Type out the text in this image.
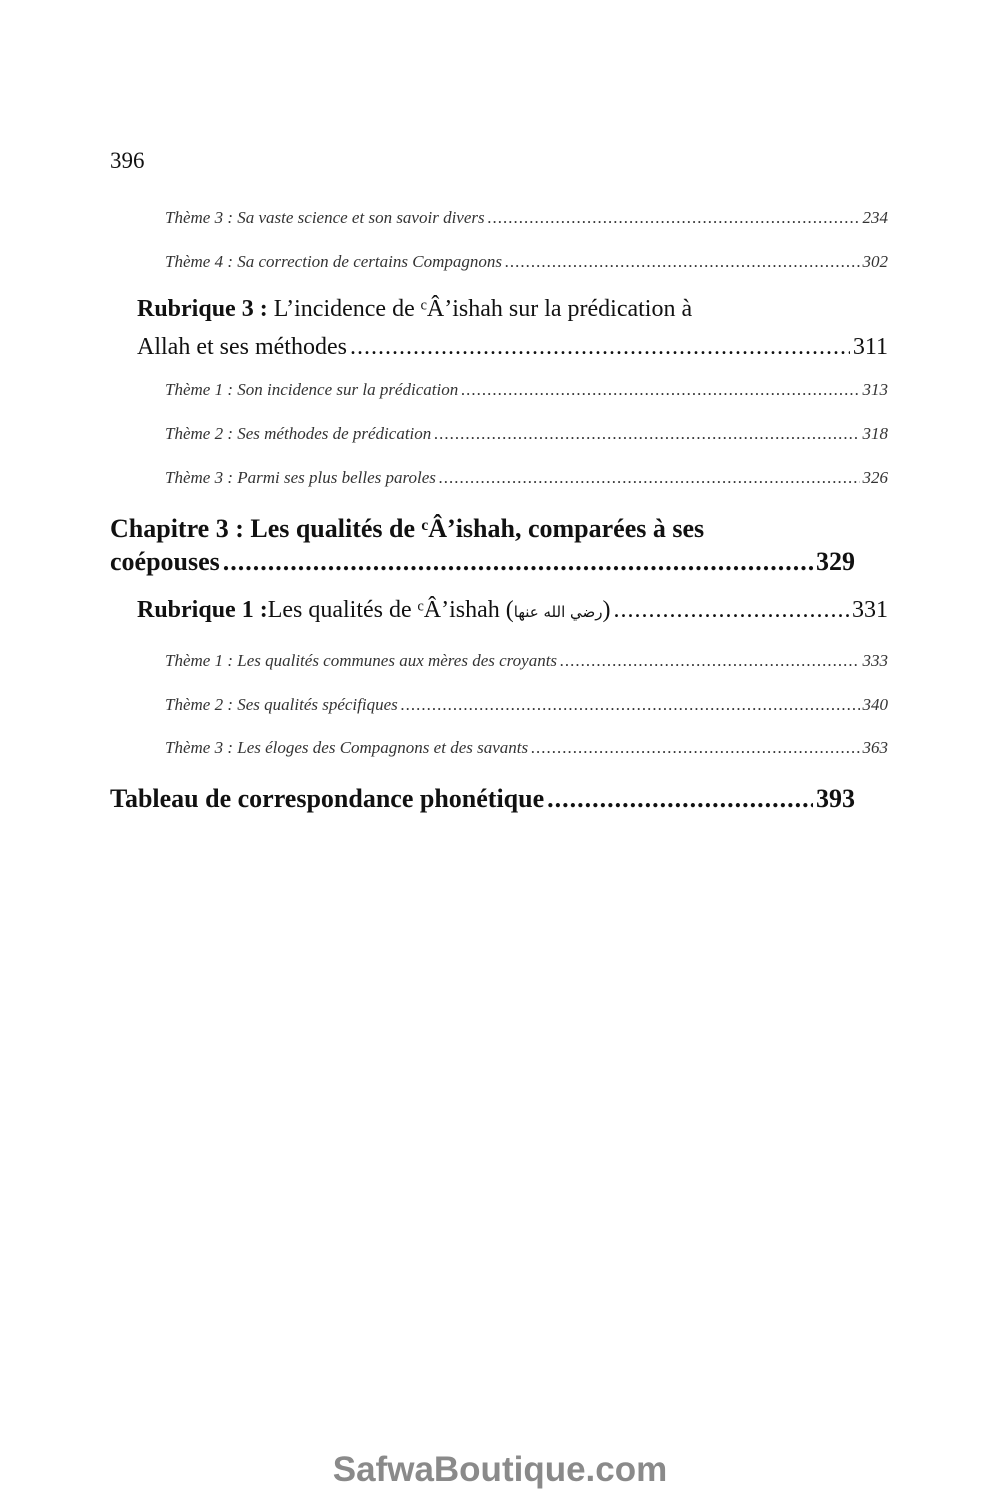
396
Thème 3 : Sa vaste science et son savoir divers .....	234
Thème 4 : Sa correction de certains Compagnons .....	302
Rubrique 3 : L’incidence de ᶜÂ’ishah sur la prédication à
Allah et ses méthodes .....	311
Thème 1 : Son incidence sur la prédication .....	313
Thème 2 : Ses méthodes de prédication .....	318
Thème 3 : Parmi ses plus belles paroles .....	326
Chapitre 3 : Les qualités de ᶜÂ’ishah, comparées à ses
coépouses .....	329
Rubrique 1 : Les qualités de ᶜÂ’ishah ( رضي الله عنها ) .....	331
Thème 1 : Les qualités communes aux mères des croyants .....	333
Thème 2 : Ses qualités spécifiques .....	340
Thème 3 : Les éloges des Compagnons et des savants .....	363
Tableau de correspondance phonétique .....	393
SafwaBoutique.com
